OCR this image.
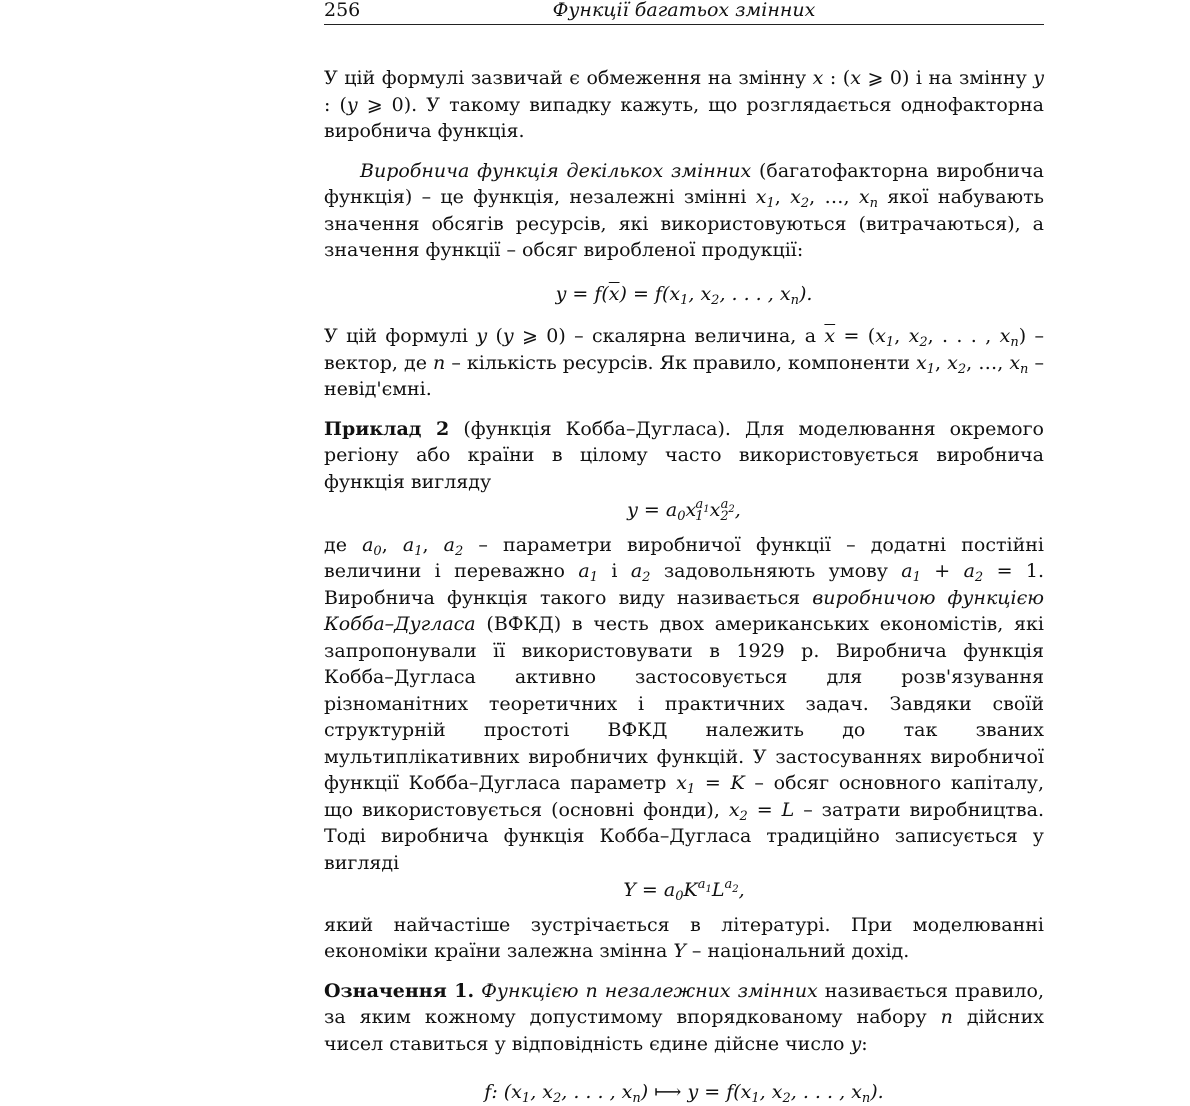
256	Функції багатьох змінних

У цій формулі зазвичай є обмеження на змінну x : (x ⩾ 0) і на змінну y : (y ⩾ 0). У такому випадку кажуть, що розглядається однофакторна виробнича функція.

Виробнича функція декількох змінних (багатофакторна виробнича функція) – це функція, незалежні змінні $x_1$, $x_2$, …, $x_n$ якої набувають значення обсягів ресурсів, які використовуються (витрачаються), а значення функції – обсяг виробленої продукції:

$y = f(\overline{x}) = f(x_1$, $x_2$, . . . , $x_n$).

У цій формулі y (y ⩾ 0) – скалярна величина, а $\overline{x} = (x_1$, $x_2$, . . . , $x_n$) – вектор, де n – кількість ресурсів. Як правило, компоненти $x_1$, $x_2$, …, $x_n$ – невід'ємні.

Приклад 2 (функція Кобба–Дугласа). Для моделювання окремого регіону або країни в цілому часто використовується виробнича функція вигляду

$y = a_0x_1^{a_1}x_2^{a_2}$,

де $a_0$, $a_1$, $a_2$ – параметри виробничої функції – додатні постійні величини і переважно $a_1$ і $a_2$ задовольняють умову $a_1 + a_2 = 1$. Виробнича функція такого виду називається виробничою функцією Кобба–Дугласа (ВФКД) в честь двох американських економістів, які запропонували її використовувати в 1929 р. Виробнича функція Кобба–Дугласа активно застосовується для розв'язування різноманітних теоретичних і практичних задач. Завдяки своїй структурній простоті ВФКД належить до так званих мультиплікативних виробничих функцій. У застосуваннях виробничої функції Кобба–Дугласа параметр $x_1 = K$ – обсяг основного капіталу, що використовується (основні фонди), $x_2 = L$ – затрати виробництва. Тоді виробнича функція Кобба–Дугласа традиційно записується у вигляді

$Y = a_0K^{a_1}L^{a_2}$,

який найчастіше зустрічається в літературі. При моделюванні економіки країни залежна змінна Y – національний дохід.

Означення 1. Функцією n незалежних змінних називається правило, за яким кожному допустимому впорядкованому набору n дійсних чисел ставиться у відповідність єдине дійсне число y:

f: ($x_1$, $x_2$, . . . , $x_n$) ⟼ $y = f(x_1$, $x_2$, . . . , $x_n$).
